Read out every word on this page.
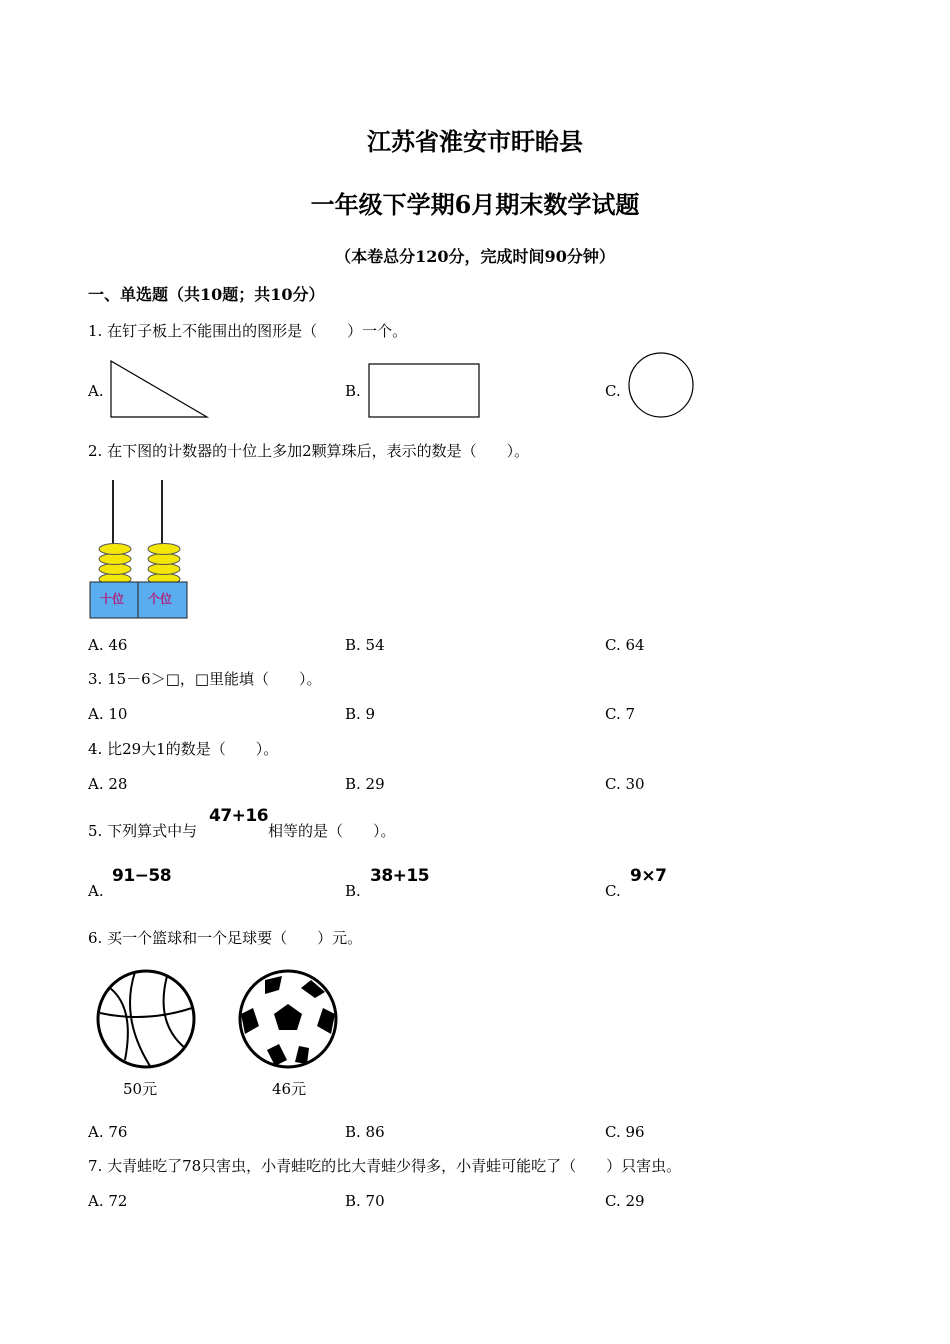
江苏省淮安市盱眙县
一年级下学期6月期末数学试题
（本卷总分120分，完成时间90分钟）
一、单选题（共10题；共10分）
1. 在钉子板上不能围出的图形是（　　）一个。
A.	B.	C.
2. 在下图的计数器的十位上多加2颗算珠后，表示的数是（　　）。
十位 个位
A. 46	B. 54	C. 64
3. 15－6＞□，□里能填（　　）。
A. 10	B. 9	C. 7
4. 比29大1的数是（　　）。
A. 28	B. 29	C. 30
5. 下列算式中与
47+16
相等的是（　　）。
A.
91−58
B.
38+15
C.
9×7
6. 买一个篮球和一个足球要（　　）元。
50元	46元
A. 76	B. 86	C. 96
7. 大青蛙吃了78只害虫，小青蛙吃的比大青蛙少得多，小青蛙可能吃了（　　）只害虫。
A. 72	B. 70	C. 29
